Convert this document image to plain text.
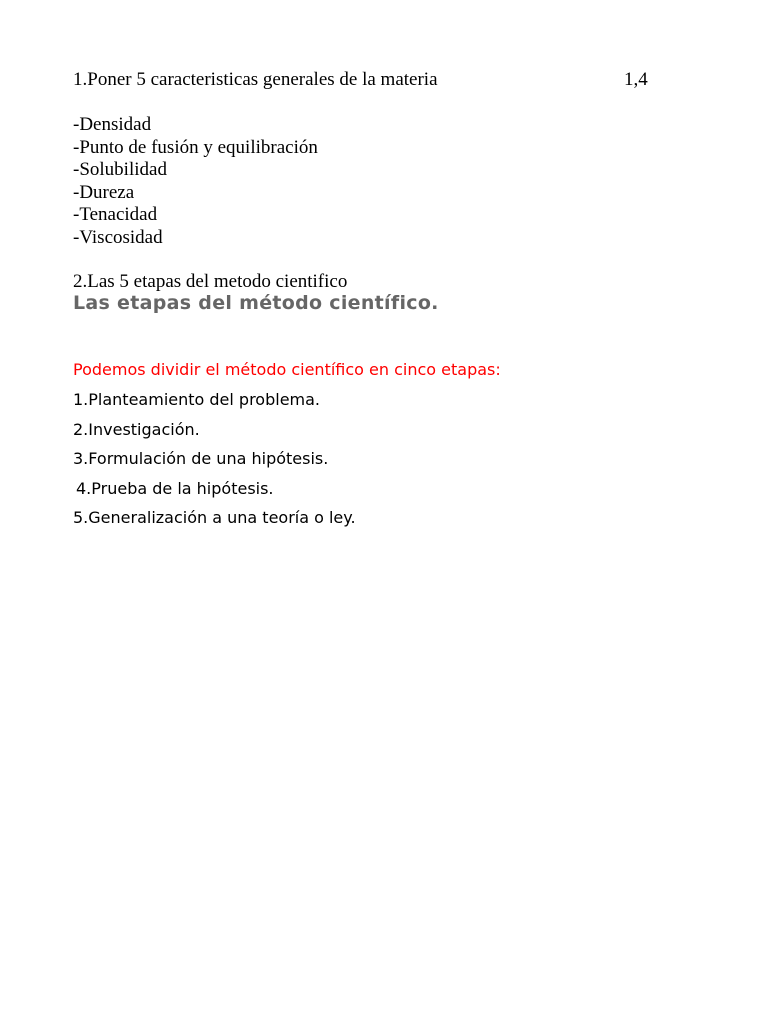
1.Poner 5 caracteristicas generales de la materia	1,4
-Densidad
-Punto de fusión y equilibración
-Solubilidad
-Dureza
-Tenacidad
-Viscosidad
2.Las 5 etapas del metodo cientifico
Las etapas del método científico.
Podemos dividir el método científico en cinco etapas:
1.Planteamiento del problema.
2.Investigación.
3.Formulación de una hipótesis.
4.Prueba de la hipótesis.
5.Generalización a una teoría o ley.
